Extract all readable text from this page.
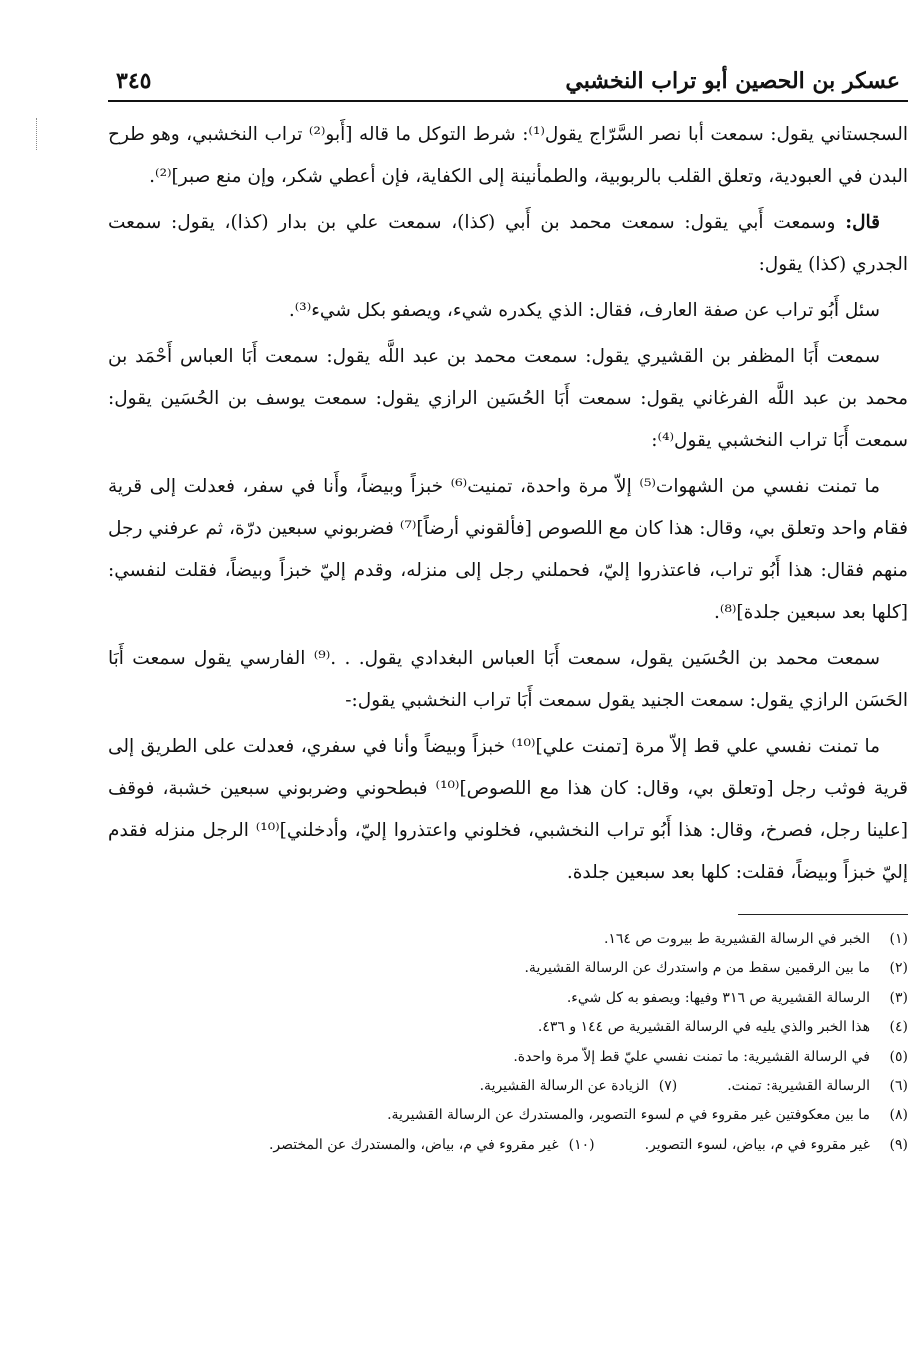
عسكر بن الحصين أبو تراب النخشبي
٣٤٥

السجستاني يقول: سمعت أبا نصر السَّرّاج يقول⁽¹⁾: شرط التوكل ما قاله [أَبو⁽²⁾ تراب النخشبي، وهو طرح البدن في العبودية، وتعلق القلب بالربوبية، والطمأنينة إلى الكفاية، فإن أعطي شكر، وإن منع صبر]⁽²⁾.

قال: وسمعت أَبي يقول: سمعت محمد بن أَبي (كذا)، سمعت علي بن بدار (كذا)، يقول: سمعت الجدري (كذا) يقول:

سئل أَبُو تراب عن صفة العارف، فقال: الذي يكدره شيء، ويصفو بكل شيء⁽³⁾.

سمعت أَبَا المظفر بن القشيري يقول: سمعت محمد بن عبد اللَّه يقول: سمعت أَبَا العباس أَحْمَد بن محمد بن عبد اللَّه الفرغاني يقول: سمعت أَبَا الحُسَين الرازي يقول: سمعت يوسف بن الحُسَين يقول: سمعت أَبَا تراب النخشبي يقول⁽⁴⁾:

ما تمنت نفسي من الشهوات⁽⁵⁾ إلاّ مرة واحدة، تمنيت⁽⁶⁾ خبزاً وبيضاً، وأَنا في سفر، فعدلت إلى قرية فقام واحد وتعلق بي، وقال: هذا كان مع اللصوص [فألقوني أرضاً]⁽⁷⁾ فضربوني سبعين درّة، ثم عرفني رجل منهم فقال: هذا أَبُو تراب، فاعتذروا إليّ، فحملني رجل إلى منزله، وقدم إليّ خبزاً وبيضاً، فقلت لنفسي: [كلها بعد سبعين جلدة]⁽⁸⁾.

سمعت محمد بن الحُسَين يقول، سمعت أَبَا العباس البغدادي يقول. . .⁽⁹⁾ الفارسي يقول سمعت أَبَا الحَسَن الرازي يقول: سمعت الجنيد يقول سمعت أَبَا تراب النخشبي يقول:-

ما تمنت نفسي علي قط إلاّ مرة [تمنت علي]⁽¹⁰⁾ خبزاً وبيضاً وأنا في سفري، فعدلت على الطريق إلى قرية فوثب رجل [وتعلق بي، وقال: كان هذا مع اللصوص]⁽¹⁰⁾ فبطحوني وضربوني سبعين خشبة، فوقف [علينا رجل، فصرخ، وقال: هذا أَبُو تراب النخشبي، فخلوني واعتذروا إليّ، وأدخلني]⁽¹⁰⁾ الرجل منزله فقدم إليّ خبزاً وبيضاً، فقلت: كلها بعد سبعين جلدة.

(١)
الخبر في الرسالة القشيرية ط بيروت ص ١٦٤.
(٢)
ما بين الرقمين سقط من م واستدرك عن الرسالة القشيرية.
(٣)
الرسالة القشيرية ص ٣١٦ وفيها: ويصفو به كل شيء.
(٤)
هذا الخبر والذي يليه في الرسالة القشيرية ص ١٤٤ و ٤٣٦.
(٥)
في الرسالة القشيرية: ما تمنت نفسي عليّ قط إلاّ مرة واحدة.
(٦)
الرسالة القشيرية: تمنت.
(٧)
الزيادة عن الرسالة القشيرية.
(٨)
ما بين معكوفتين غير مقروء في م لسوء التصوير، والمستدرك عن الرسالة القشيرية.
(٩)
غير مقروء في م، بياض، لسوء التصوير.
(١٠)
غير مقروء في م، بياض، والمستدرك عن المختصر.
